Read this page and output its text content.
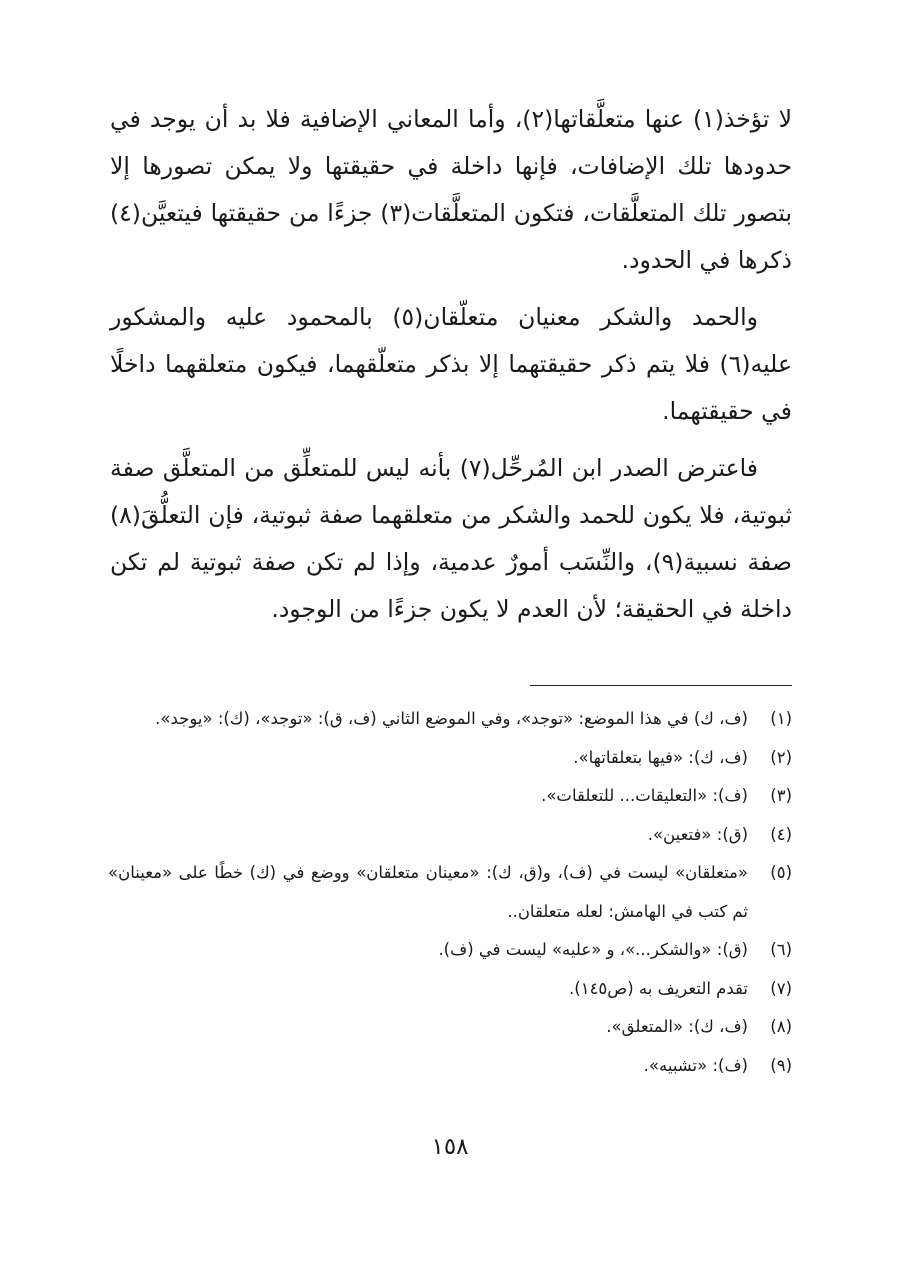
لا تؤخذ(١) عنها متعلَّقاتها(٢)، وأما المعاني الإضافية فلا بد أن يوجد في حدودها تلك الإضافات، فإنها داخلة في حقيقتها ولا يمكن تصورها إلا بتصور تلك المتعلَّقات، فتكون المتعلَّقات(٣) جزءًا من حقيقتها فيتعيَّن(٤) ذكرها في الحدود.

والحمد والشكر معنيان متعلّقان(٥) بالمحمود عليه والمشكور عليه(٦) فلا يتم ذكر حقيقتهما إلا بذكر متعلّقهما، فيكون متعلقهما داخلًا في حقيقتهما.

فاعترض الصدر ابن المُرحِّل(٧) بأنه ليس للمتعلِّق من المتعلَّق صفة ثبوتية، فلا يكون للحمد والشكر من متعلقهما صفة ثبوتية، فإن التعلُّقَ(٨) صفة نسبية(٩)، والنِّسَب أمورٌ عدمية، وإذا لم تكن صفة ثبوتية لم تكن داخلة في الحقيقة؛ لأن العدم لا يكون جزءًا من الوجود.

(١)
(ف، ك) في هذا الموضع: «توجد»، وفي الموضع الثاني (ف، ق): «توجد»، (ك): «يوجد».
(٢)
(ف، ك): «فيها بتعلقاتها».
(٣)
(ف): «التعليقات... للتعلقات».
(٤)
(ق): «فتعين».
(٥)
«متعلقان» ليست في (ف)، و(ق، ك): «معينان متعلقان» ووضع في (ك) خطًا على «معينان» ثم كتب في الهامش: لعله متعلقان..
(٦)
(ق): «والشكر...»، و «عليه» ليست في (ف).
(٧)
تقدم التعريف به (ص١٤٥).
(٨)
(ف، ك): «المتعلق».
(٩)
(ف): «تشبيه».
١٥٨
